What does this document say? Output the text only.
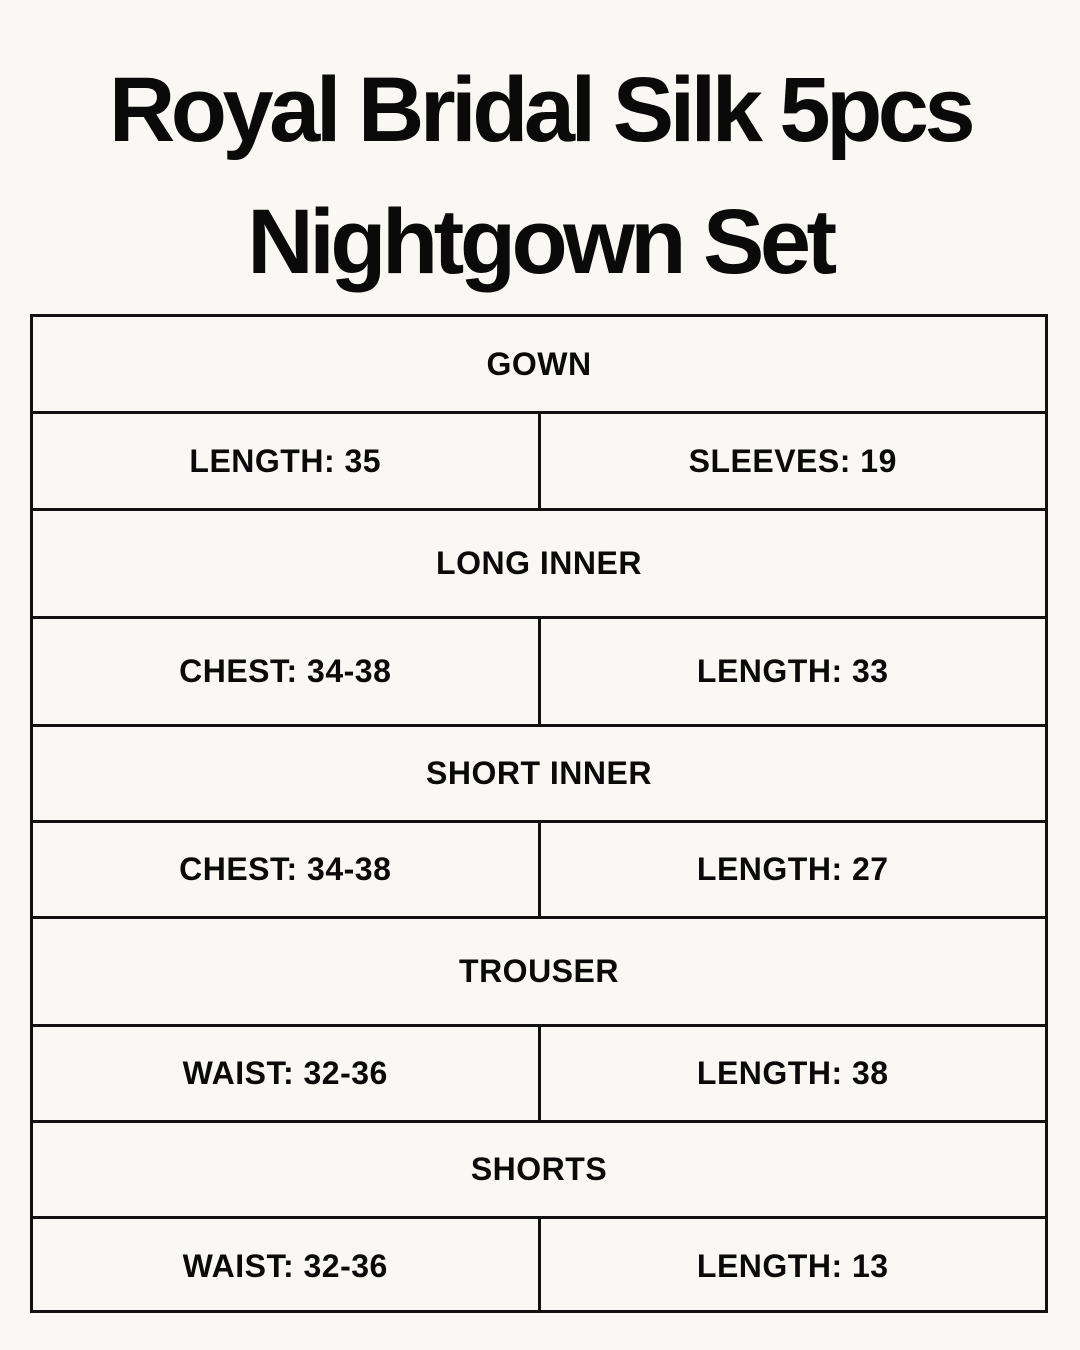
Royal Bridal Silk 5pcs
Nightgown Set
GOWN
LENGTH: 35	SLEEVES: 19
LONG INNER
CHEST: 34-38	LENGTH: 33
SHORT INNER
CHEST: 34-38	LENGTH: 27
TROUSER
WAIST: 32-36	LENGTH: 38
SHORTS
WAIST: 32-36	LENGTH: 13
